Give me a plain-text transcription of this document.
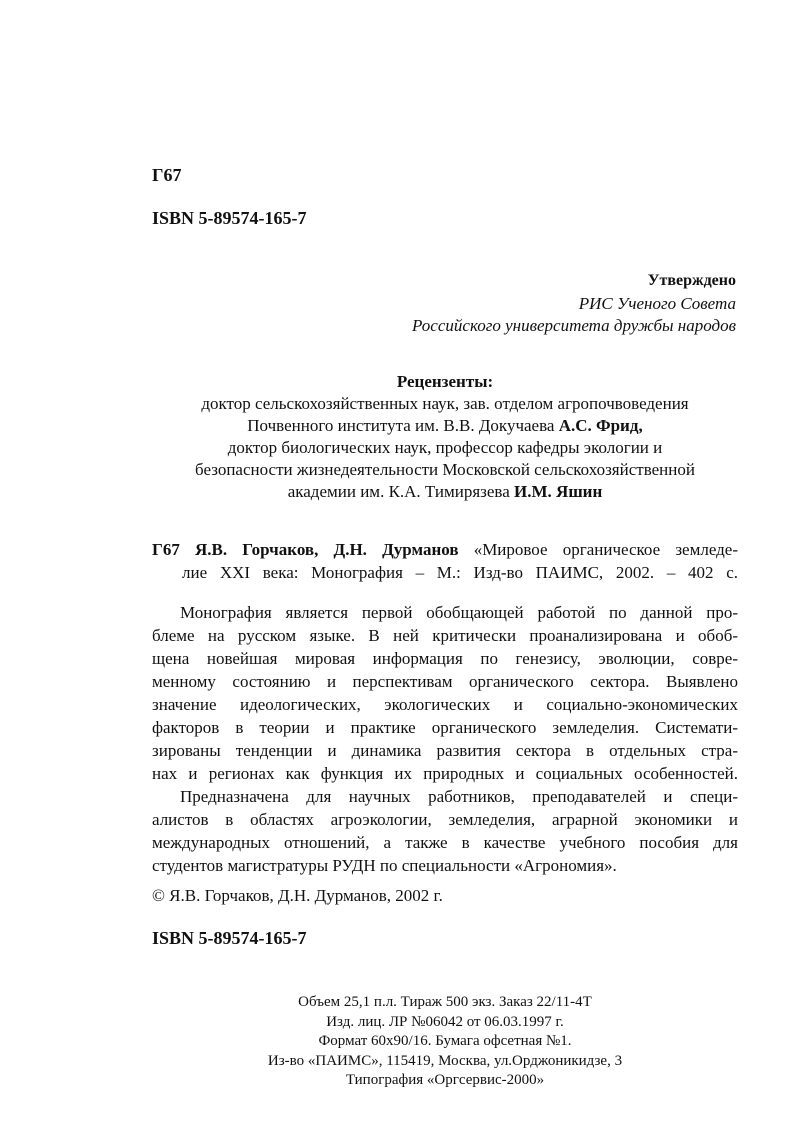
Г67
ISBN 5-89574-165-7
Утверждено
РИС Ученого Совета
Российского университета дружбы народов
Рецензенты:
доктор сельскохозяйственных наук, зав. отделом агропочвоведения
Почвенного института им. В.В. Докучаева А.С. Фрид,
доктор биологических наук, профессор кафедры экологии и
безопасности жизнедеятельности Московской сельскохозяйственной
академии им. К.А. Тимирязева И.М. Яшин
Г67 Я.В. Горчаков, Д.Н. Дурманов «Мировое органическое земледе-
лие XXI века: Монография – М.: Изд-во ПАИМС, 2002. – 402 с.
Монография является первой обобщающей работой по данной про-
блеме на русском языке. В ней критически проанализирована и обоб-
щена новейшая мировая информация по генезису, эволюции, совре-
менному состоянию и перспективам органического сектора. Выявлено
значение идеологических, экологических и социально-экономических
факторов в теории и практике органического земледелия. Системати-
зированы тенденции и динамика развития сектора в отдельных стра-
нах и регионах как функция их природных и социальных особенностей.
Предназначена для научных работников, преподавателей и специ-
алистов в областях агроэкологии, земледелия, аграрной экономики и
международных отношений, а также в качестве учебного пособия для
студентов магистратуры РУДН по специальности «Агрономия».
© Я.В. Горчаков, Д.Н. Дурманов, 2002 г.
ISBN 5-89574-165-7
Объем 25,1 п.л. Тираж 500 экз. Заказ 22/11-4Т
Изд. лиц. ЛР №06042 от 06.03.1997 г.
Формат 60х90/16. Бумага офсетная №1.
Из-во «ПАИМС», 115419, Москва, ул.Орджоникидзе, 3
Типография «Оргсервис-2000»
